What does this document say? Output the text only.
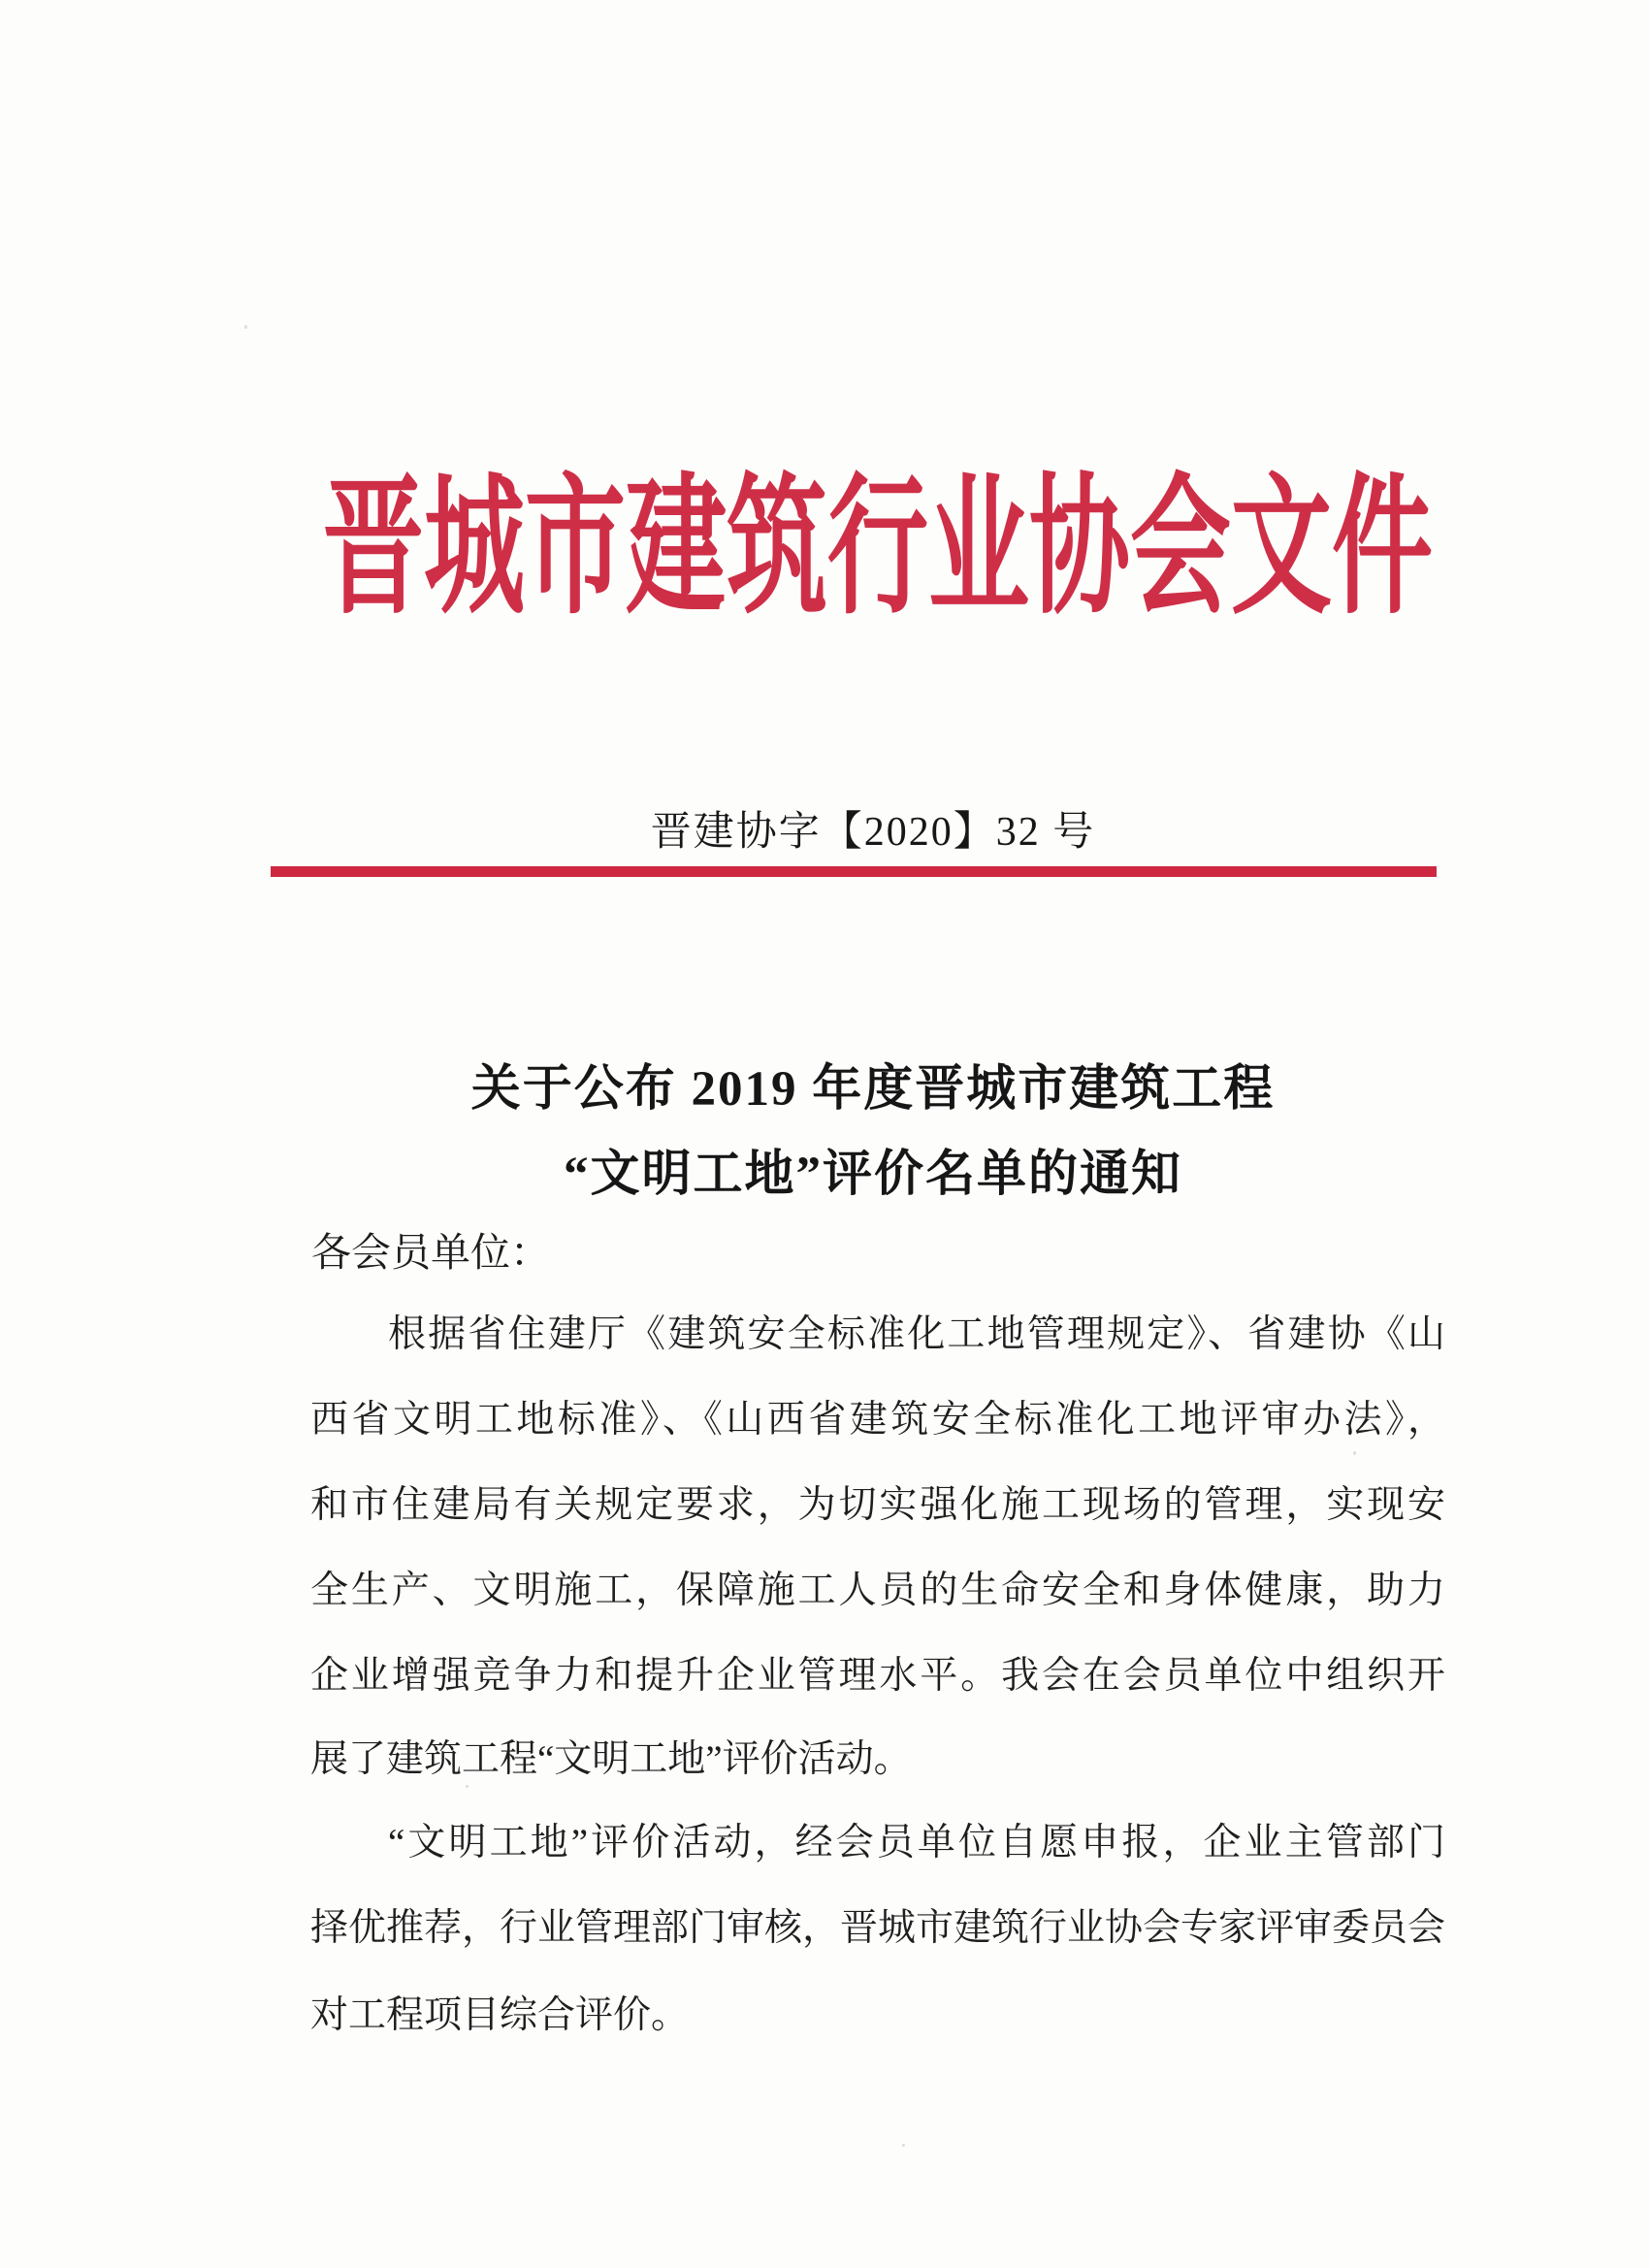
晋城市建筑行业协会文件
晋建协字【2020】32 号
关于公布 2019 年度晋城市建筑工程
“文明工地”评价名单的通知
各会员单位：
根据省住建厅《建筑安全标准化工地管理规定》、省建协《山
西省文明工地标准》、《山西省建筑安全标准化工地评审办法》，
和市住建局有关规定要求，为切实强化施工现场的管理，实现安
全生产、文明施工，保障施工人员的生命安全和身体健康，助力
企业增强竞争力和提升企业管理水平。我会在会员单位中组织开
展了建筑工程“文明工地”评价活动。
“文明工地”评价活动，经会员单位自愿申报，企业主管部门
择优推荐，行业管理部门审核，晋城市建筑行业协会专家评审委员会
对工程项目综合评价。
